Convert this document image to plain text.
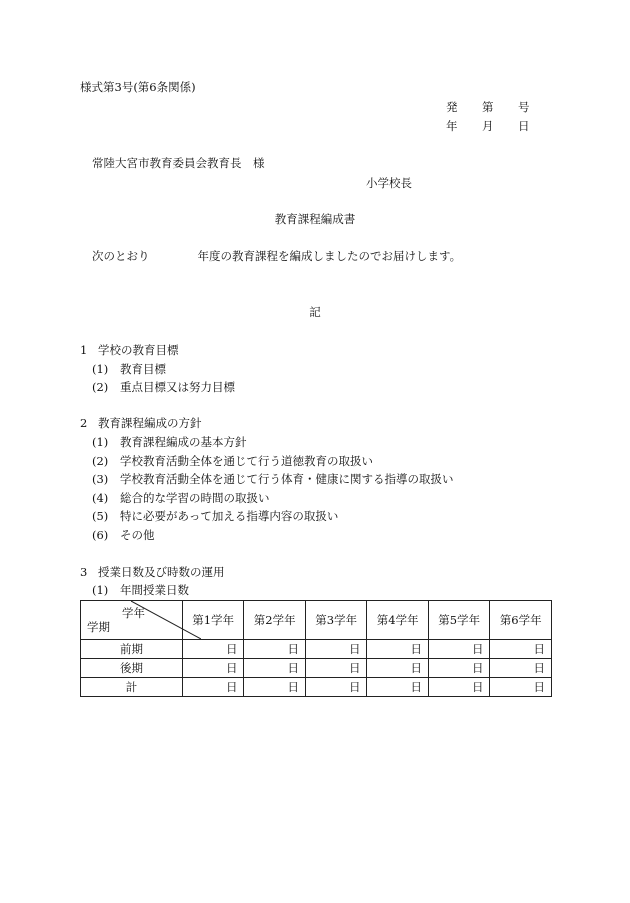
様式第3号(第6条関係)
発 第 号
年 月 日
常陸大宮市教育委員会教育長　様
小学校長
教育課程編成書
次のとおり	年度の教育課程を編成しましたのでお届けします。
記
1 学校の教育目標
(1) 教育目標
(2) 重点目標又は努力目標
2 教育課程編成の方針
(1) 教育課程編成の基本方針
(2) 学校教育活動全体を通じて行う道徳教育の取扱い
(3) 学校教育活動全体を通じて行う体育・健康に関する指導の取扱い
(4) 総合的な学習の時間の取扱い
(5) 特に必要があって加える指導内容の取扱い
(6) その他
3 授業日数及び時数の運用
(1) 年間授業日数
学年
学期	第1学年	第2学年	第3学年	第4学年	第5学年	第6学年
前期	日	日	日	日	日	日
後期	日	日	日	日	日	日
計	日	日	日	日	日	日
